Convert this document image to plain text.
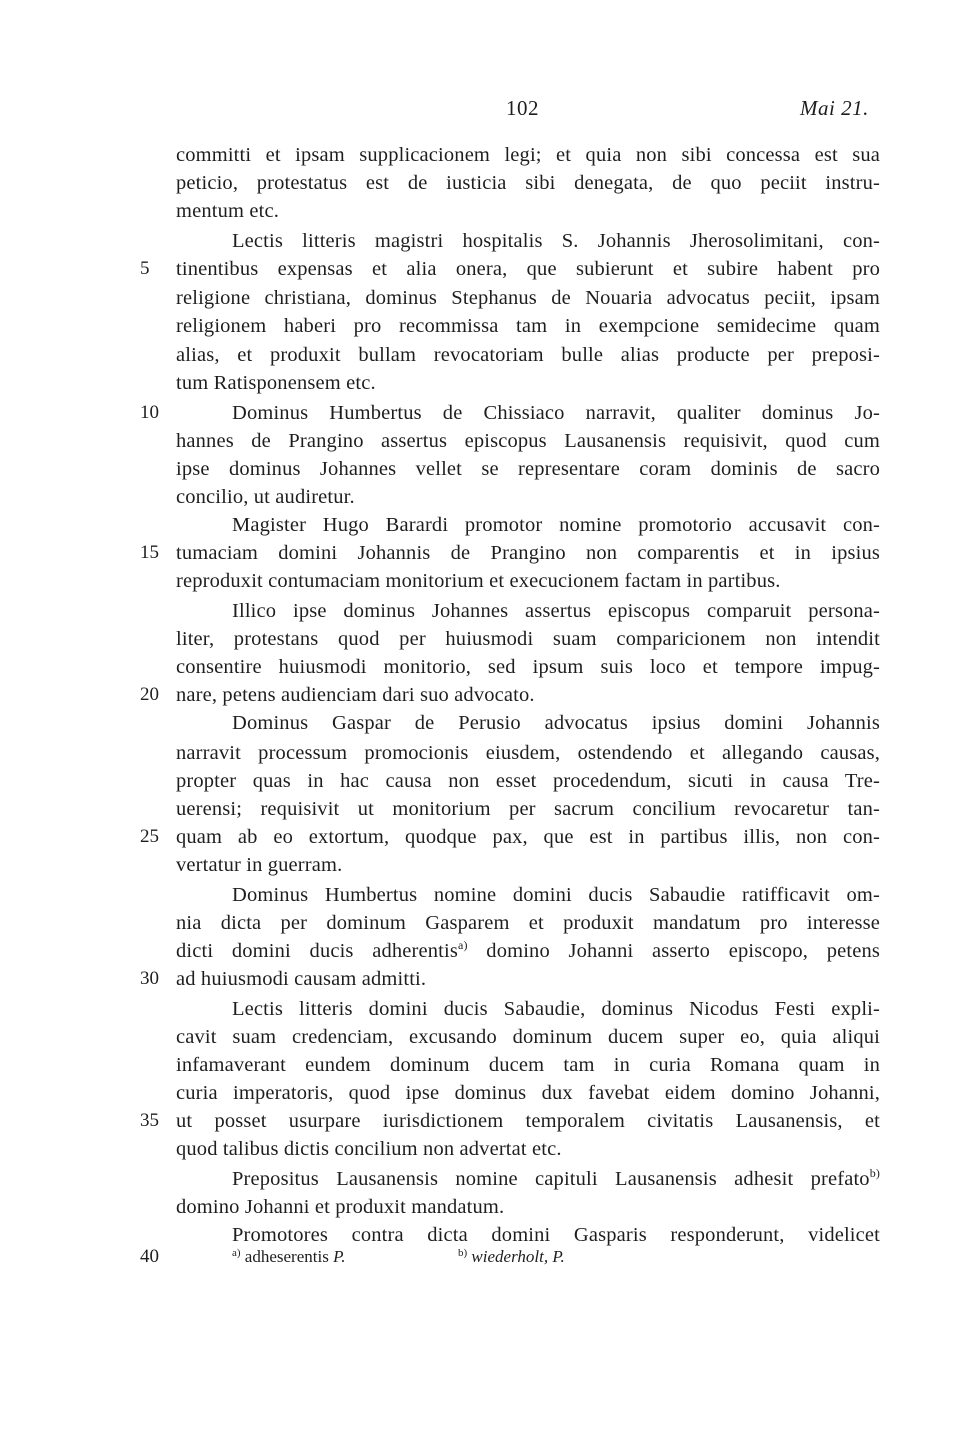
102	Mai 21.
committi et ipsam supplicacionem legi; et quia non sibi concessa est sua
peticio, protestatus est de iusticia sibi denegata, de quo peciit instru-
mentum etc.
Lectis litteris magistri hospitalis S. Johannis Jherosolimitani, con-
tinentibus expensas et alia onera, que subierunt et subire habent pro
5
religione christiana, dominus Stephanus de Nouaria advocatus peciit, ipsam
religionem haberi pro recommissa tam in exempcione semidecime quam
alias, et produxit bullam revocatoriam bulle alias producte per preposi-
tum Ratisponensem etc.
Dominus Humbertus de Chissiaco narravit, qualiter dominus Jo-
10
hannes de Prangino assertus episcopus Lausanensis requisivit, quod cum
ipse dominus Johannes vellet se representare coram dominis de sacro
concilio, ut audiretur.
Magister Hugo Barardi promotor nomine promotorio accusavit con-
tumaciam domini Johannis de Prangino non comparentis et in ipsius
15
reproduxit contumaciam monitorium et execucionem factam in partibus.
Illico ipse dominus Johannes assertus episcopus comparuit persona-
liter, protestans quod per huiusmodi suam comparicionem non intendit
consentire huiusmodi monitorio, sed ipsum suis loco et tempore impug-
nare, petens audienciam dari suo advocato.
20
Dominus Gaspar de Perusio advocatus ipsius domini Johannis
narravit processum promocionis eiusdem, ostendendo et allegando causas,
propter quas in hac causa non esset procedendum, sicuti in causa Tre-
uerensi; requisivit ut monitorium per sacrum concilium revocaretur tan-
quam ab eo extortum, quodque pax, que est in partibus illis, non con-
25
vertatur in guerram.
Dominus Humbertus nomine domini ducis Sabaudie ratifficavit om-
nia dicta per dominum Gasparem et produxit mandatum pro interesse
dicti domini ducis adherentis$^{a)}$ domino Johanni asserto episcopo, petens
ad huiusmodi causam admitti.
30
Lectis litteris domini ducis Sabaudie, dominus Nicodus Festi expli-
cavit suam credenciam, excusando dominum ducem super eo, quia aliqui
infamaverant eundem dominum ducem tam in curia Romana quam in
curia imperatoris, quod ipse dominus dux favebat eidem domino Johanni,
ut posset usurpare iurisdictionem temporalem civitatis Lausanensis, et
35
quod talibus dictis concilium non advertat etc.
Prepositus Lausanensis nomine capituli Lausanensis adhesit prefato$^{b)}$
domino Johanni et produxit mandatum.
Promotores contra dicta domini Gasparis responderunt, videlicet
40	$^{a)}$ adheserentis P.	$^{b)}$ wiederholt, P.
